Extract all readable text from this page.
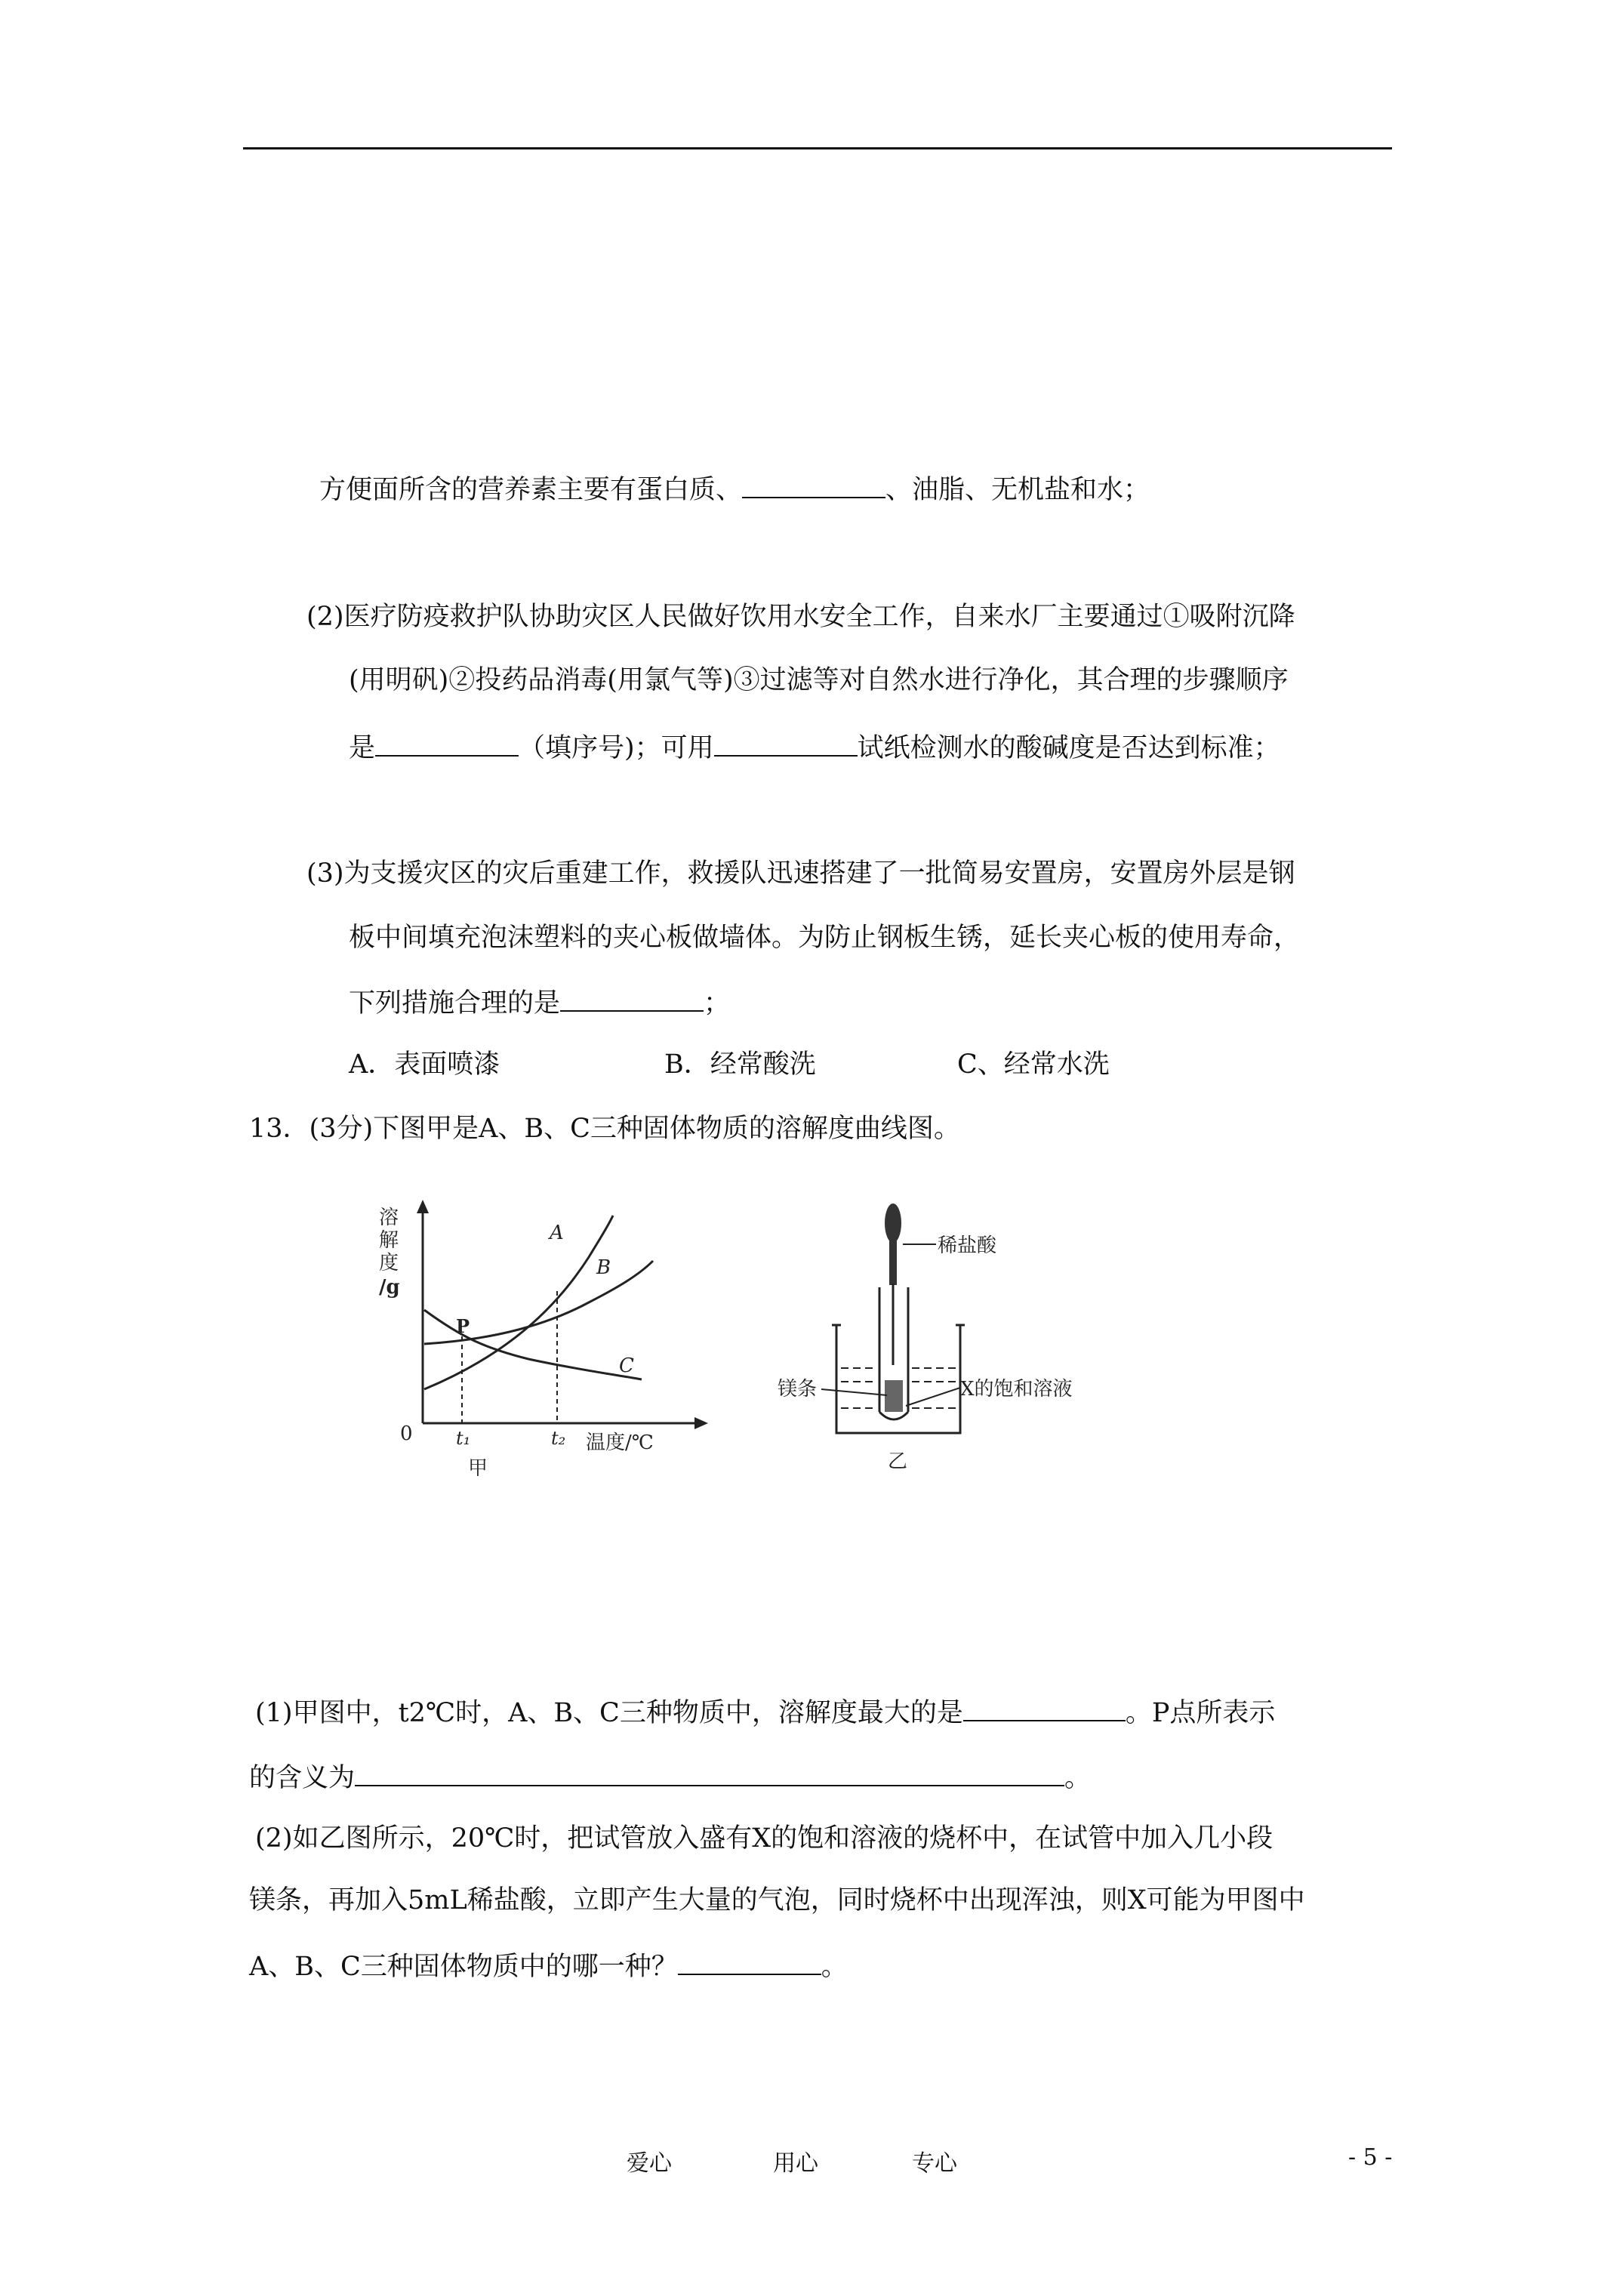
方便面所含的营养素主要有蛋白质、	、油脂、无机盐和水；
(2)医疗防疫救护队协助灾区人民做好饮用水安全工作，自来水厂主要通过①吸附沉降
(用明矾)②投药品消毒(用氯气等)③过滤等对自然水进行净化，其合理的步骤顺序
是	（填序号)；可用	试纸检测水的酸碱度是否达到标准；
(3)为支援灾区的灾后重建工作，救援队迅速搭建了一批简易安置房，安置房外层是钢
板中间填充泡沫塑料的夹心板做墙体。为防止钢板生锈，延长夹心板的使用寿命，
下列措施合理的是	；
A．表面喷漆	B．经常酸洗	C、经常水洗
13．(3分)下图甲是A、B、C三种固体物质的溶解度曲线图。
溶
解
度
/g
0 t₁	t₂ 温度/℃
A
B
C
P
甲
稀盐酸
镁条	X的饱和溶液
乙
(1)甲图中，t2℃时，A、B、C三种物质中，溶解度最大的是	。P点所表示
的含义为	。
(2)如乙图所示，20℃时，把试管放入盛有X的饱和溶液的烧杯中，在试管中加入几小段
镁条，再加入5mL稀盐酸，立即产生大量的气泡，同时烧杯中出现浑浊，则X可能为甲图中
A、B、C三种固体物质中的哪一种？	。
爱心	用心	专心	- 5 -
